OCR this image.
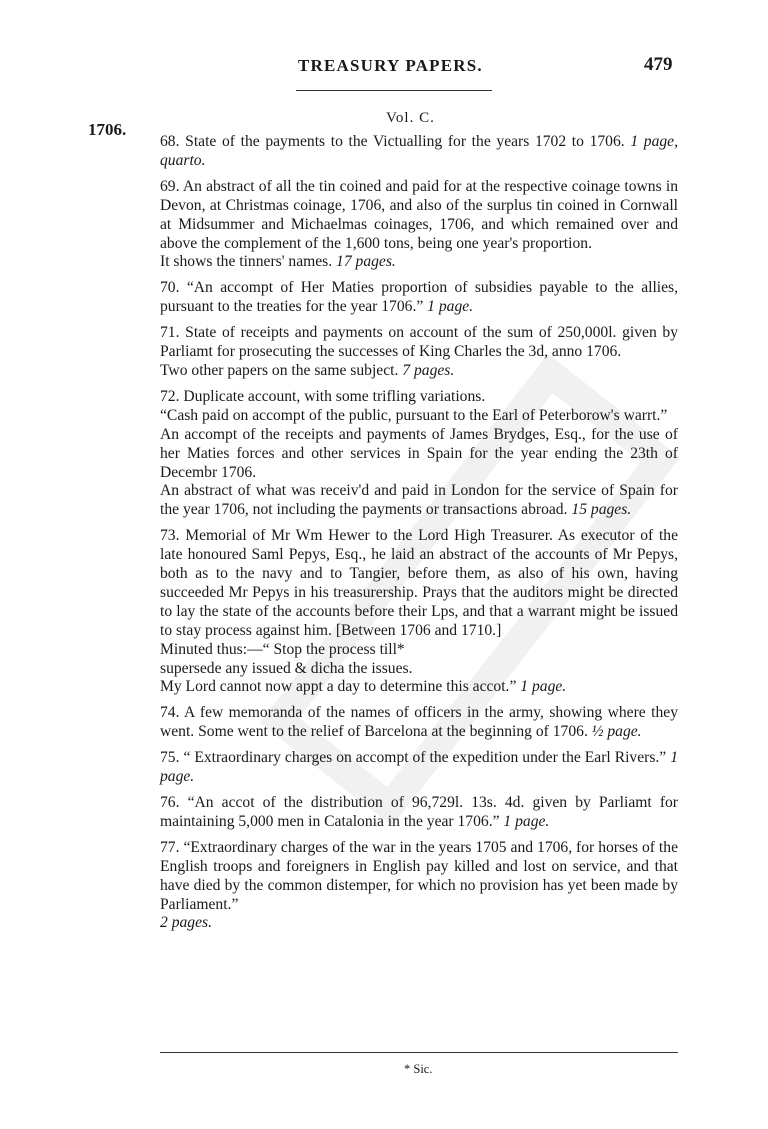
TREASURY PAPERS.	479
1706.
Vol. C.

68. State of the payments to the Victualling for the years 1702 to 1706. 1 page, quarto.

69. An abstract of all the tin coined and paid for at the respective coinage towns in Devon, at Christmas coinage, 1706, and also of the surplus tin coined in Cornwall at Midsummer and Michaelmas coinages, 1706, and which remained over and above the complement of the 1,600 tons, being one year's proportion.

It shows the tinners' names. 17 pages.

70. “An accompt of Her Maties proportion of subsidies payable to the allies, pursuant to the treaties for the year 1706.” 1 page.

71. State of receipts and payments on account of the sum of 250,000l. given by Parliamt for prosecuting the successes of King Charles the 3d, anno 1706.

Two other papers on the same subject. 7 pages.

72. Duplicate account, with some trifling variations.

“Cash paid on accompt of the public, pursuant to the Earl of Peterborow's warrt.”

An accompt of the receipts and payments of James Brydges, Esq., for the use of her Maties forces and other services in Spain for the year ending the 23th of Decembr 1706.

An abstract of what was receiv'd and paid in London for the service of Spain for the year 1706, not including the payments or transactions abroad. 15 pages.

73. Memorial of Mr Wm Hewer to the Lord High Treasurer. As executor of the late honoured Saml Pepys, Esq., he laid an abstract of the accounts of Mr Pepys, both as to the navy and to Tangier, before them, as also of his own, having succeeded Mr Pepys in his treasurership. Prays that the auditors might be directed to lay the state of the accounts before their Lps, and that a warrant might be issued to stay process against him. [Between 1706 and 1710.]

Minuted thus:—“ Stop the process till*

supersede any issued & dicha the issues.

My Lord cannot now appt a day to determine this accot.” 1 page.

74. A few memoranda of the names of officers in the army, showing where they went. Some went to the relief of Barcelona at the beginning of 1706. ½ page.

75. “ Extraordinary charges on accompt of the expedition under the Earl Rivers.” 1 page.

76. “An accot of the distribution of 96,729l. 13s. 4d. given by Parliamt for maintaining 5,000 men in Catalonia in the year 1706.” 1 page.

77. “Extraordinary charges of the war in the years 1705 and 1706, for horses of the English troops and foreigners in English pay killed and lost on service, and that have died by the common distemper, for which no provision has yet been made by Parliament.”

2 pages.

* Sic.
